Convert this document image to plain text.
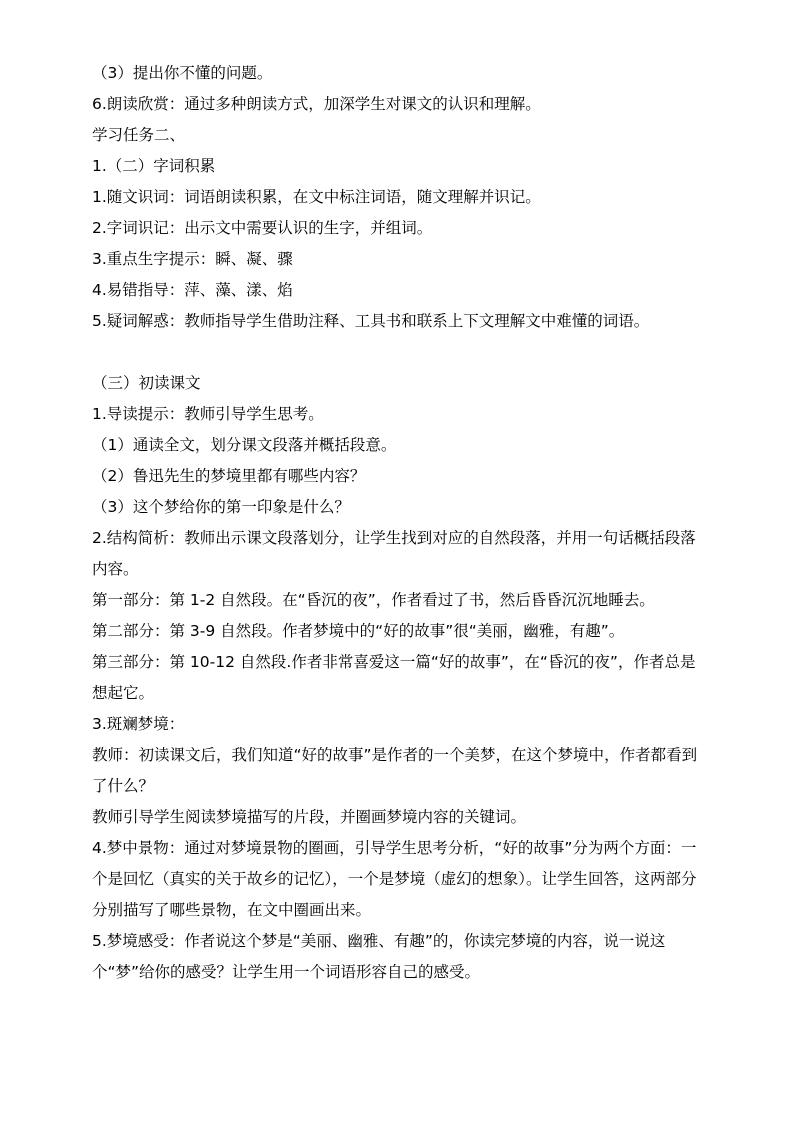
（3）提出你不懂的问题。
6.朗读欣赏：通过多种朗读方式，加深学生对课文的认识和理解。
学习任务二、
1.（二）字词积累
1.随文识词：词语朗读积累，在文中标注词语，随文理解并识记。
2.字词识记：出示文中需要认识的生字，并组词。
3.重点生字提示：瞬、凝、骤
4.易错指导：萍、藻、漾、焰
5.疑词解惑：教师指导学生借助注释、工具书和联系上下文理解文中难懂的词语。
（三）初读课文
1.导读提示：教师引导学生思考。
（1）通读全文，划分课文段落并概括段意。
（2）鲁迅先生的梦境里都有哪些内容？
（3）这个梦给你的第一印象是什么？
2.结构简析：教师出示课文段落划分，让学生找到对应的自然段落，并用一句话概括段落内容。
第一部分：第 1-2 自然段。在“昏沉的夜”，作者看过了书，然后昏昏沉沉地睡去。
第二部分：第 3-9 自然段。作者梦境中的“好的故事”很“美丽，幽雅，有趣”。
第三部分：第 10-12 自然段.作者非常喜爱这一篇“好的故事”，在“昏沉的夜”，作者总是想起它。
3.斑斓梦境：
教师：初读课文后，我们知道“好的故事”是作者的一个美梦，在这个梦境中，作者都看到了什么？
教师引导学生阅读梦境描写的片段，并圈画梦境内容的关键词。
4.梦中景物：通过对梦境景物的圈画，引导学生思考分析，“好的故事”分为两个方面：一个是回忆（真实的关于故乡的记忆），一个是梦境（虚幻的想象）。让学生回答，这两部分分别描写了哪些景物，在文中圈画出来。
5.梦境感受：作者说这个梦是“美丽、幽雅、有趣”的，你读完梦境的内容，说一说这个“梦”给你的感受？让学生用一个词语形容自己的感受。
